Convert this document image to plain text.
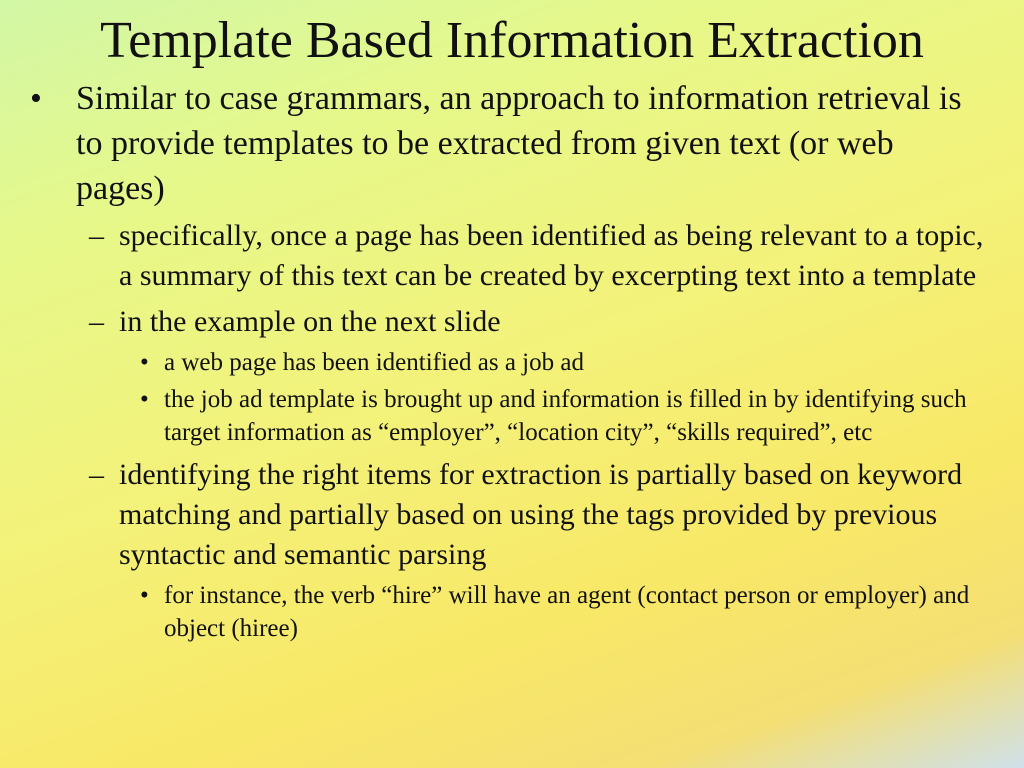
Template Based Information Extraction
• Similar to case grammars, an approach to information retrieval is to provide templates to be extracted from given text (or web pages)
– specifically, once a page has been identified as being relevant to a topic, a summary of this text can be created by excerpting text into a template
– in the example on the next slide
• a web page has been identified as a job ad
• the job ad template is brought up and information is filled in by identifying such target information as “employer”, “location city”, “skills required”, etc
– identifying the right items for extraction is partially based on keyword matching and partially based on using the tags provided by previous syntactic and semantic parsing
• for instance, the verb “hire” will have an agent (contact person or employer) and object (hiree)
